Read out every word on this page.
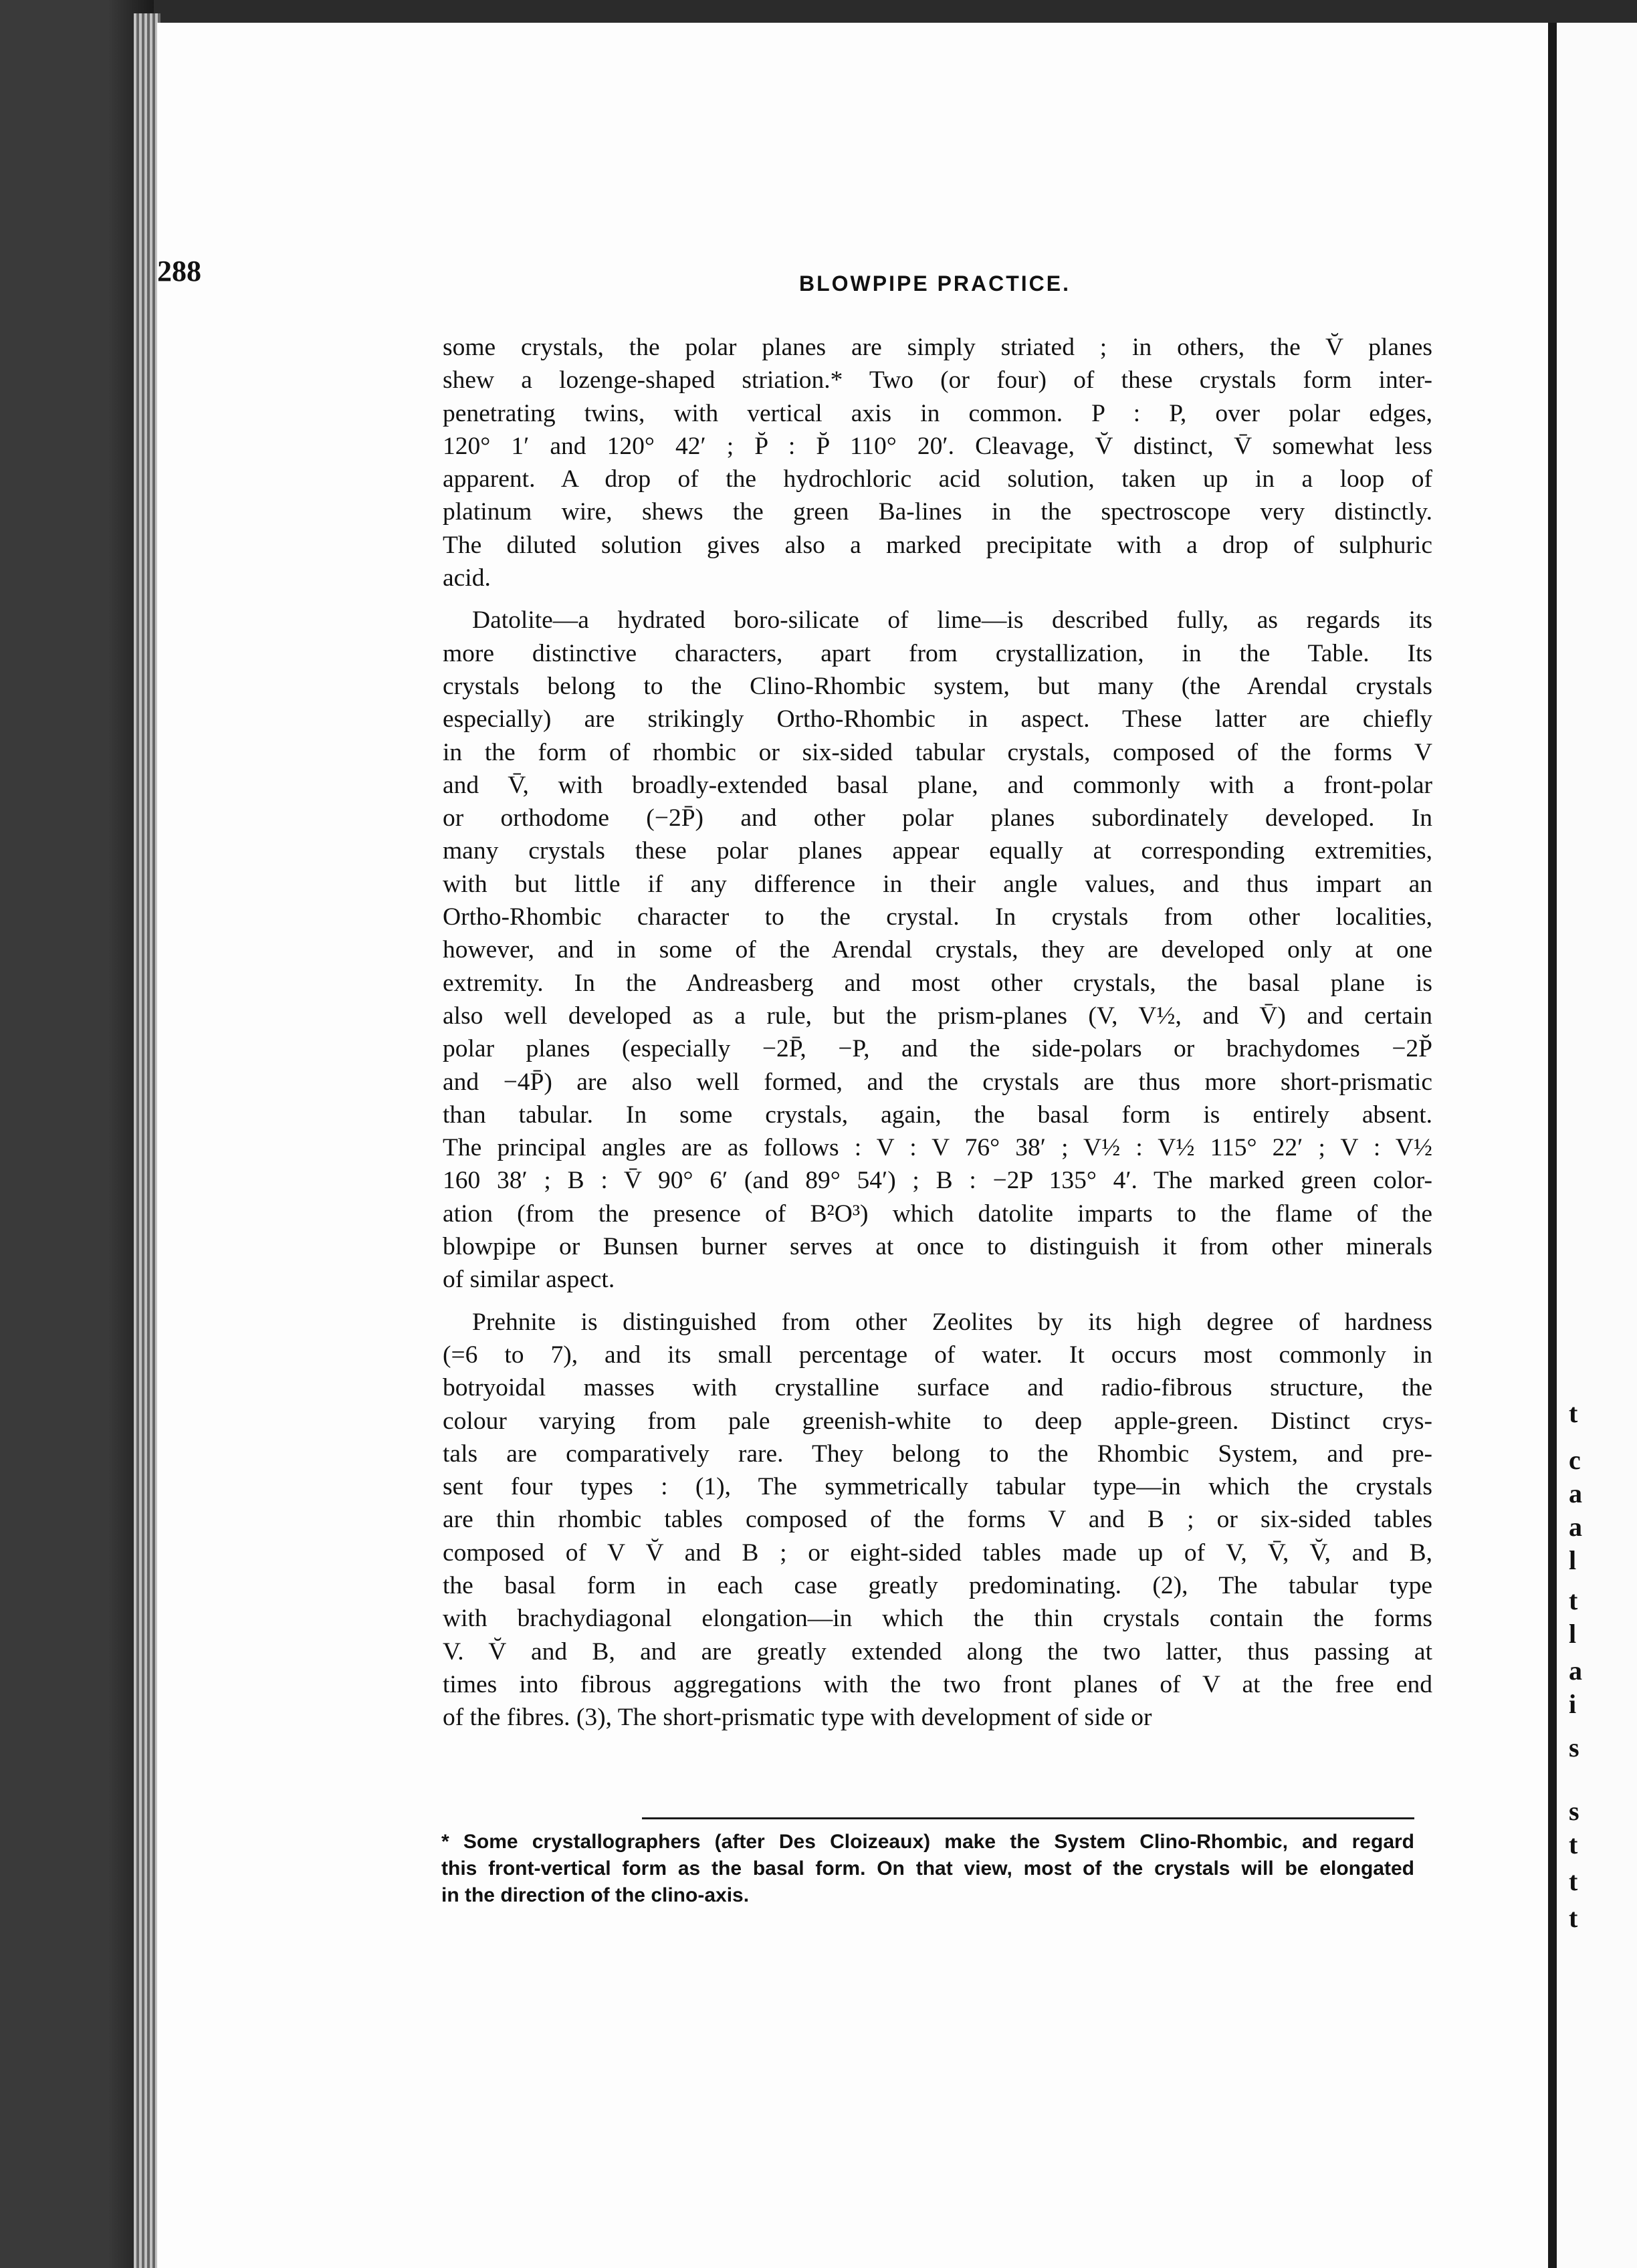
t
c
a
a
l
t
l
a
i
s
s
t
t
t
288	BLOWPIPE PRACTICE.

some crystals, the polar planes are simply striated ; in others, the V̆ planes

shew a lozenge-shaped striation.* Two (or four) of these crystals form inter-

penetrating twins, with vertical axis in common. P : P, over polar edges,

120° 1′ and 120° 42′ ; P̆ : P̆ 110° 20′. Cleavage, V̆ distinct, V̄ somewhat less

apparent. A drop of the hydrochloric acid solution, taken up in a loop of

platinum wire, shews the green Ba-lines in the spectroscope very distinctly.

The diluted solution gives also a marked precipitate with a drop of sulphuric

acid.

Datolite—a hydrated boro-silicate of lime—is described fully, as regards its

more distinctive characters, apart from crystallization, in the Table. Its

crystals belong to the Clino-Rhombic system, but many (the Arendal crystals

especially) are strikingly Ortho-Rhombic in aspect. These latter are chiefly

in the form of rhombic or six-sided tabular crystals, composed of the forms V

and V̄, with broadly-extended basal plane, and commonly with a front-polar

or orthodome (−2P̄) and other polar planes subordinately developed. In

many crystals these polar planes appear equally at corresponding extremities,

with but little if any difference in their angle values, and thus impart an

Ortho-Rhombic character to the crystal. In crystals from other localities,

however, and in some of the Arendal crystals, they are developed only at one

extremity. In the Andreasberg and most other crystals, the basal plane is

also well developed as a rule, but the prism-planes (V, V½, and V̄) and certain

polar planes (especially −2P̄, −P, and the side-polars or brachydomes −2P̆

and −4P̄) are also well formed, and the crystals are thus more short-prismatic

than tabular. In some crystals, again, the basal form is entirely absent.

The principal angles are as follows : V : V 76° 38′ ; V½ : V½ 115° 22′ ; V : V½

160 38′ ; B : V̄ 90° 6′ (and 89° 54′) ; B : −2P 135° 4′. The marked green color-

ation (from the presence of B²O³) which datolite imparts to the flame of the

blowpipe or Bunsen burner serves at once to distinguish it from other minerals

of similar aspect.

Prehnite is distinguished from other Zeolites by its high degree of hardness

(=6 to 7), and its small percentage of water. It occurs most commonly in

botryoidal masses with crystalline surface and radio-fibrous structure, the

colour varying from pale greenish-white to deep apple-green. Distinct crys-

tals are comparatively rare. They belong to the Rhombic System, and pre-

sent four types : (1), The symmetrically tabular type—in which the crystals

are thin rhombic tables composed of the forms V and B ; or six-sided tables

composed of V V̆ and B ; or eight-sided tables made up of V, V̄, V̆, and B,

the basal form in each case greatly predominating. (2), The tabular type

with brachydiagonal elongation—in which the thin crystals contain the forms

V. V̆ and B, and are greatly extended along the two latter, thus passing at

times into fibrous aggregations with the two front planes of V at the free end

of the fibres. (3), The short-prismatic type with development of side or

* Some crystallographers (after Des Cloizeaux) make the System Clino-Rhombic, and regard

this front-vertical form as the basal form. On that view, most of the crystals will be elongated

in the direction of the clino-axis.
